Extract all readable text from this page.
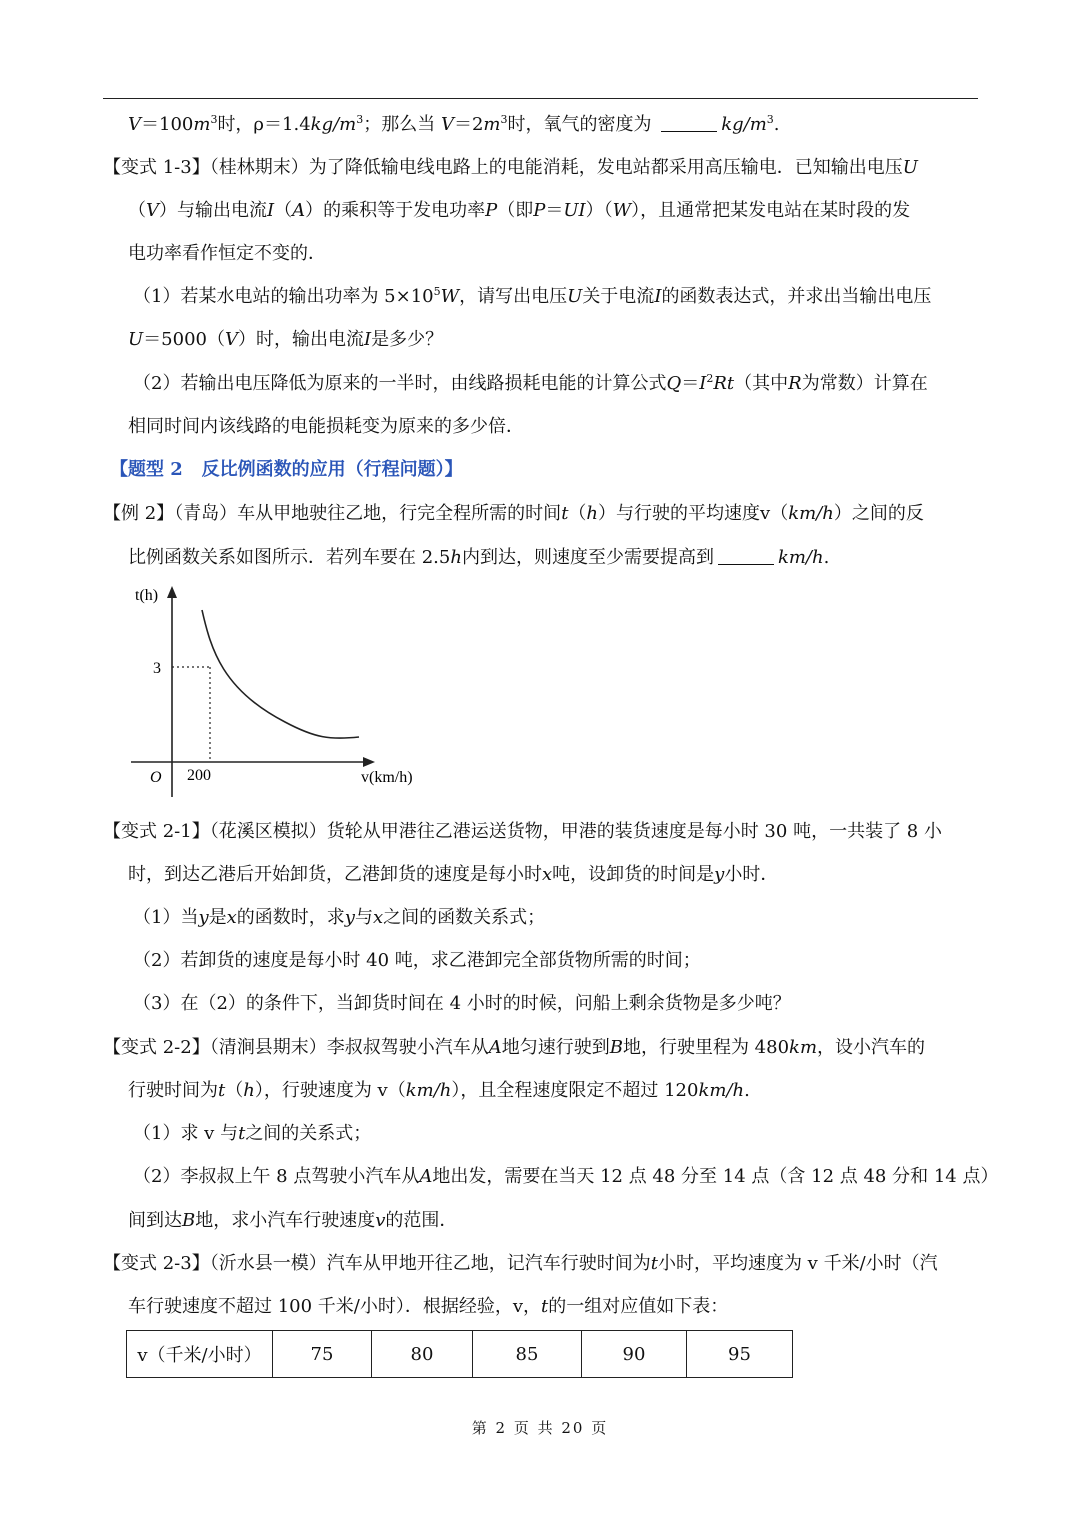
$V=100m^3$时，$\rho=1.4kg/m^3$；那么当 $V=2m^3$时，氧气的密度为	$kg/m^3$.
【变式 1-3】（桂林期末）为了降低输电线电路上的电能消耗，发电站都采用高压输电．已知输出电压U
（V）与输出电流I（A）的乘积等于发电功率P（即P＝UI）（W），且通常把某发电站在某时段的发
电功率看作恒定不变的．
（1）若某水电站的输出功率为 $5\times 10^5W$，请写出电压U关于电流I的函数表达式，并求出当输出电压
U＝5000（V）时，输出电流I是多少？
（2）若输出电压降低为原来的一半时，由线路损耗电能的计算公式$Q=I^2Rt$（其中R为常数）计算在
相同时间内该线路的电能损耗变为原来的多少倍．
【题型 2 反比例函数的应用（行程问题）】
【例 2】（青岛）车从甲地驶往乙地，行完全程所需的时间t（h）与行驶的平均速度v（km/h）之间的反
比例函数关系如图所示．若列车要在 2.5h内到达，则速度至少需要提高到	km/h.
t(h)
3
O 200	v(km/h)
【变式 2-1】（花溪区模拟）货轮从甲港往乙港运送货物，甲港的装货速度是每小时 30 吨，一共装了 8 小
时，到达乙港后开始卸货，乙港卸货的速度是每小时x吨，设卸货的时间是y小时．
（1）当y是x的函数时，求y与x之间的函数关系式；
（2）若卸货的速度是每小时 40 吨，求乙港卸完全部货物所需的时间；
（3）在（2）的条件下，当卸货时间在 4 小时的时候，问船上剩余货物是多少吨？
【变式 2-2】（清涧县期末）李叔叔驾驶小汽车从A地匀速行驶到B地，行驶里程为 480km，设小汽车的
行驶时间为t（h），行驶速度为 v（km/h），且全程速度限定不超过 120km/h.
（1）求 v 与t之间的关系式；
（2）李叔叔上午 8 点驾驶小汽车从A地出发，需要在当天 12 点 48 分至 14 点（含 12 点 48 分和 14 点）
间到达B地，求小汽车行驶速度v的范围．
【变式 2-3】（沂水县一模）汽车从甲地开往乙地，记汽车行驶时间为t小时，平均速度为 v 千米/小时（汽
车行驶速度不超过 100 千米/小时）．根据经验，v，t的一组对应值如下表：
v（千米/小时）	75	80	85	90	95
第 2 页 共 20 页
